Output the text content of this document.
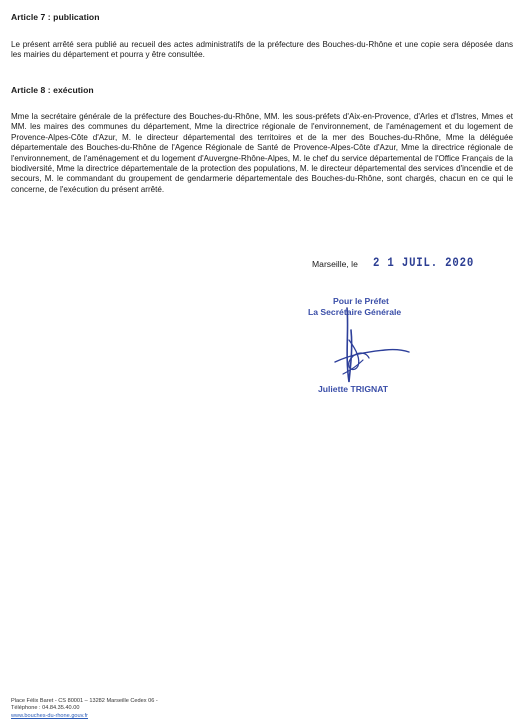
Article 7 : publication
Le présent arrêté sera publié au recueil des actes administratifs de la préfecture des Bouches-du-Rhône et une copie sera déposée dans les mairies du département et pourra y être consultée.
Article 8 : exécution
Mme la secrétaire générale de la préfecture des Bouches-du-Rhône, MM. les sous-préfets d'Aix-en-Provence, d'Arles et d'Istres, Mmes et MM. les maires des communes du département, Mme la directrice régionale de l'environnement, de l'aménagement et du logement de Provence-Alpes-Côte d'Azur, M. le directeur départemental des territoires et de la mer des Bouches-du-Rhône, Mme la déléguée départementale des Bouches-du-Rhône de l'Agence Régionale de Santé de Provence-Alpes-Côte d'Azur, Mme la directrice régionale de l'environnement, de l'aménagement et du logement d'Auvergne-Rhône-Alpes, M. le chef du service départemental de l'Office Français de la biodiversité, Mme la directrice départementale de la protection des populations, M. le directeur départemental des services d'incendie et de secours, M. le commandant du groupement de gendarmerie départementale des Bouches-du-Rhône, sont chargés, chacun en ce qui le concerne, de l'exécution du présent arrêté.
Marseille, le 2 1 JUIL. 2020
Pour le Préfet
La Secrétaire Générale
Juliette TRIGNAT
Place Félix Baret - CS 80001 – 13282 Marseille Cedex 06 -
Téléphone : 04.84.35.40.00
www.bouches-du-rhone.gouv.fr
